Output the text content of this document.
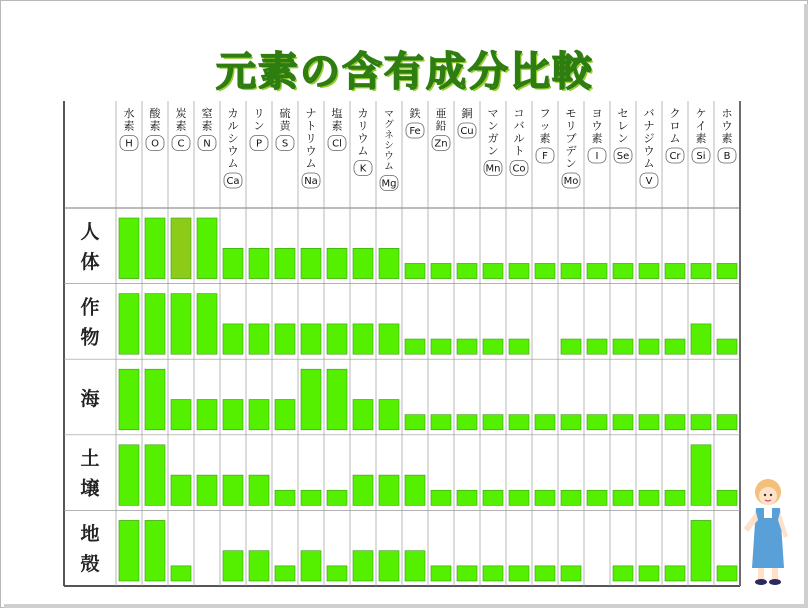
元素の含有成分比較
水素
H
酸素
O
炭素
C
窒素
N
カルシウム
Ca
リン
P
硫黄
S
ナトリウム
Na
塩素
Cl
カリウム
K
マグネシウム
Mg
鉄
Fe
亜鉛
Zn
銅
Cu
マンガン
Mn
コバルト
Co
フッ素
F
モリブデン
Mo
ヨウ素
I
セレン
Se
バナジウム
V
クロム
Cr
ケイ素
Si
ホウ素
B
人
体
作
物
海
土
壌
地
殻
